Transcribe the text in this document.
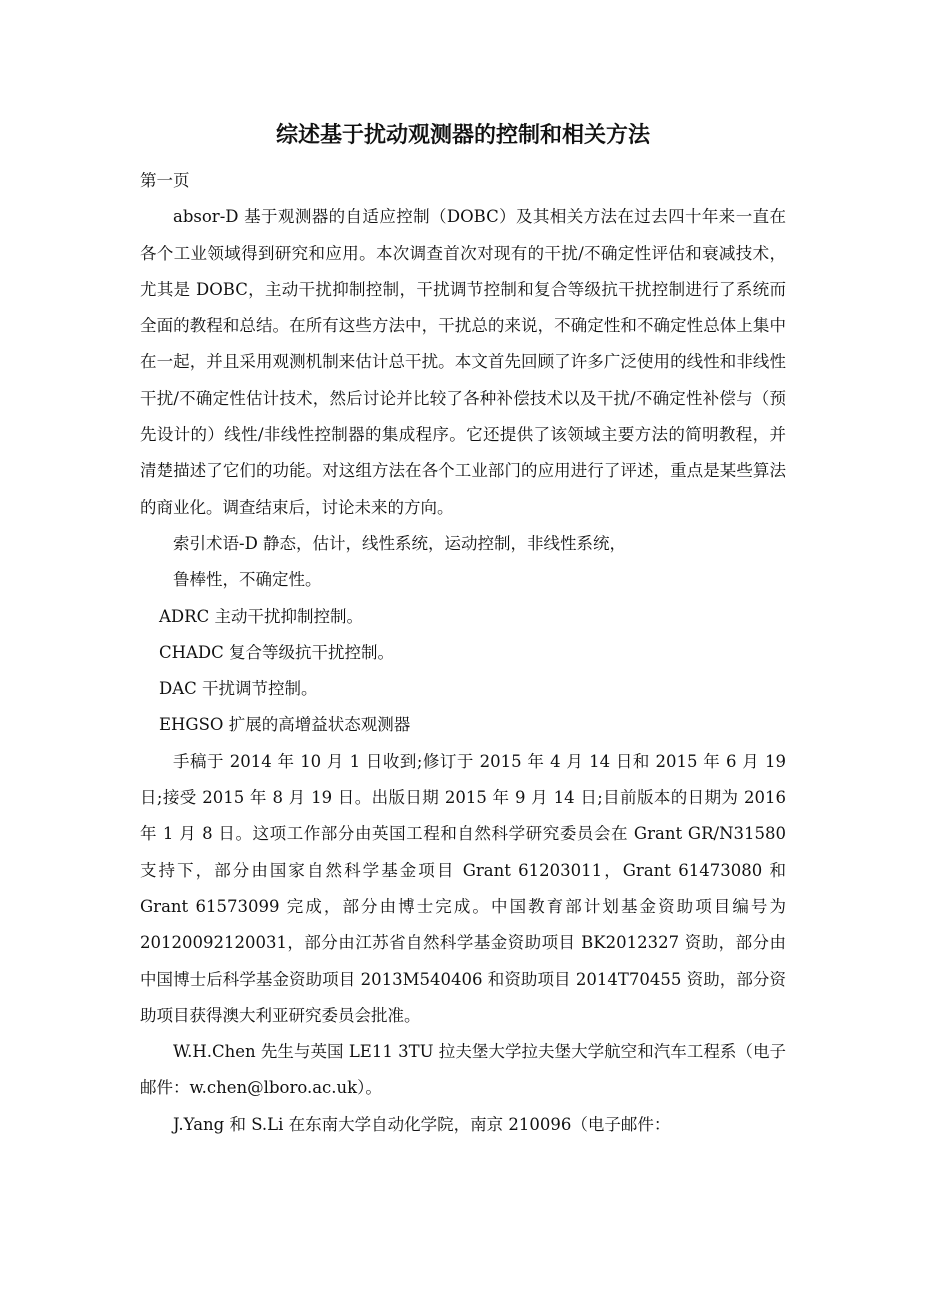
综述基于扰动观测器的控制和相关方法

第一页

absor-D 基于观测器的自适应控制（DOBC）及其相关方法在过去四十年来一直在各个工业领域得到研究和应用。本次调查首次对现有的干扰/不确定性评估和衰减技术，尤其是 DOBC，主动干扰抑制控制，干扰调节控制和复合等级抗干扰控制进行了系统而全面的教程和总结。在所有这些方法中，干扰总的来说，不确定性和不确定性总体上集中在一起，并且采用观测机制来估计总干扰。本文首先回顾了许多广泛使用的线性和非线性干扰/不确定性估计技术，然后讨论并比较了各种补偿技术以及干扰/不确定性补偿与（预先设计的）线性/非线性控制器的集成程序。它还提供了该领域主要方法的简明教程，并清楚描述了它们的功能。对这组方法在各个工业部门的应用进行了评述，重点是某些算法的商业化。调查结束后，讨论未来的方向。

索引术语-D 静态，估计，线性系统，运动控制，非线性系统，

鲁棒性，不确定性。

ADRC 主动干扰抑制控制。

CHADC 复合等级抗干扰控制。

DAC 干扰调节控制。

EHGSO 扩展的高增益状态观测器

手稿于 2014 年 10 月 1 日收到;修订于 2015 年 4 月 14 日和 2015 年 6 月 19 日;接受 2015 年 8 月 19 日。出版日期 2015 年 9 月 14 日;目前版本的日期为 2016 年 1 月 8 日。这项工作部分由英国工程和自然科学研究委员会在 Grant GR/N31580 支持下，部分由国家自然科学基金项目 Grant 61203011，Grant 61473080 和 Grant 61573099 完成，部分由博士完成。中国教育部计划基金资助项目编号为 20120092120031，部分由江苏省自然科学基金资助项目 BK2012327 资助，部分由中国博士后科学基金资助项目 2013M540406 和资助项目 2014T70455 资助，部分资助项目获得澳大利亚研究委员会批准。

W.H.Chen 先生与英国 LE11 3TU 拉夫堡大学拉夫堡大学航空和汽车工程系（电子邮件：w.chen@lboro.ac.uk）。

J.Yang 和 S.Li 在东南大学自动化学院，南京 210096（电子邮件：
